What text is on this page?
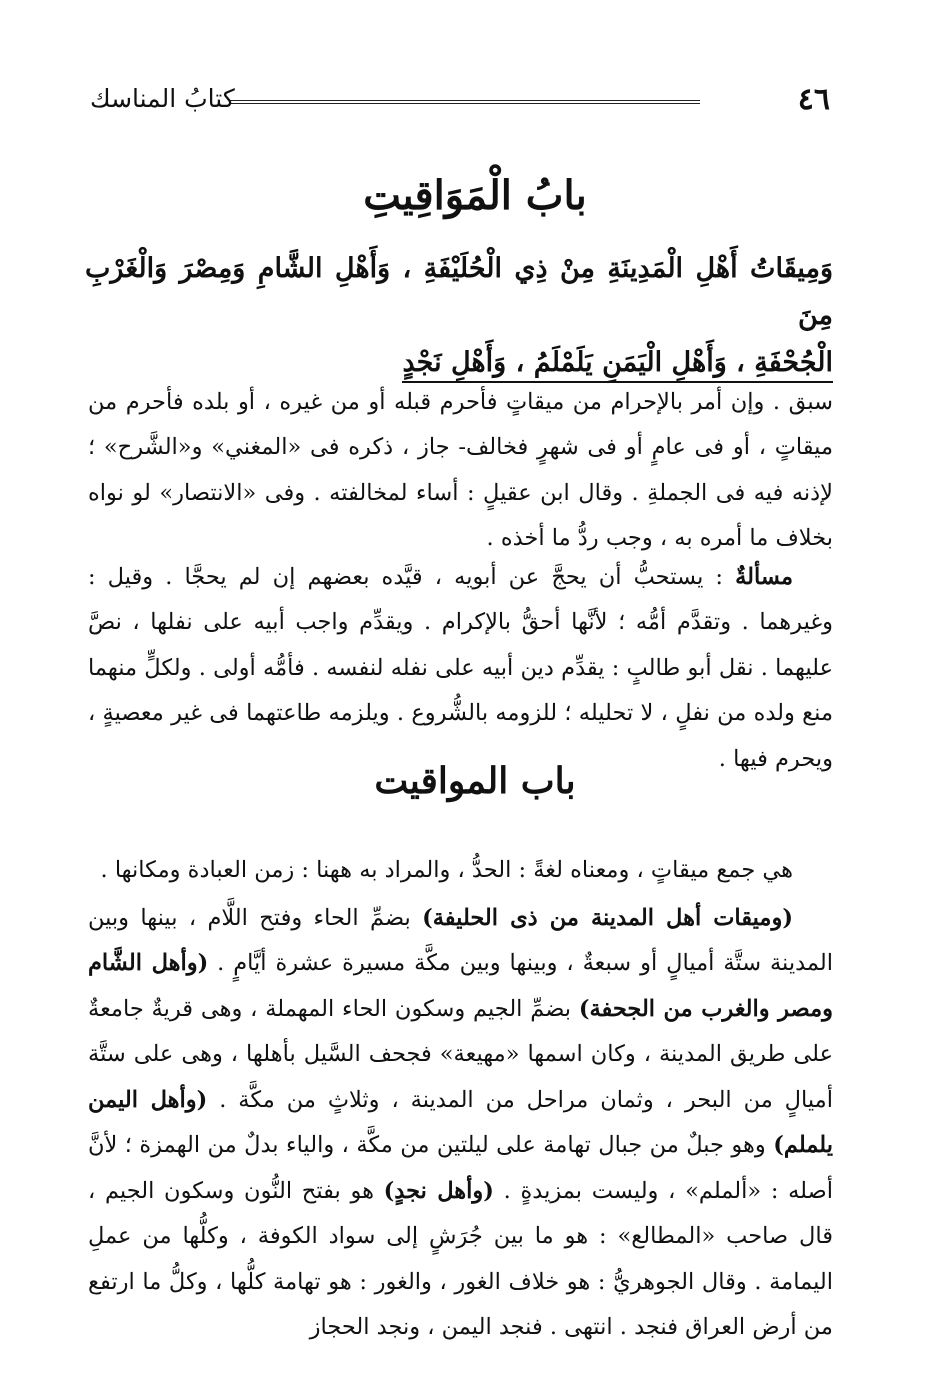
٤٦
كتابُ المناسك
بابُ الْمَوَاقِيتِ
وَمِيقَاتُ أَهْلِ الْمَدِينَةِ مِنْ ذِي الْحُلَيْفَةِ ، وَأَهْلِ الشَّامِ وَمِصْرَ وَالْغَرْبِ مِنَ
الْجُحْفَةِ ، وَأَهْلِ الْيَمَنِ يَلَمْلَمُ ، وَأَهْلِ نَجْدٍ

سبق . وإن أمر بالإحرام من ميقاتٍ فأحرم قبله أو من غيره ، أو بلده فأحرم من ميقاتٍ ، أو فى عامٍ أو فى شهرٍ فخالف- جاز ، ذكره فى «المغني» و«الشَّرح» ؛ لإذنه فيه فى الجملةِ . وقال ابن عقيلٍ : أساء لمخالفته . وفى «الانتصار» لو نواه بخلاف ما أمره به ، وجب ردُّ ما أخذه .

مسألةٌ : يستحبُّ أن يحجَّ عن أبويه ، قيَّده بعضهم إن لم يحجَّا . وقيل : وغيرهما . وتقدَّم أمُّه ؛ لأنَّها أحقُّ بالإكرام . ويقدِّم واجب أبيه على نفلها ، نصَّ عليهما . نقل أبو طالبٍ : يقدِّم دين أبيه على نفله لنفسه . فأمُّه أولى . ولكلٍّ منهما منع ولده من نفلٍ ، لا تحليله ؛ للزومه بالشُّروع . ويلزمه طاعتهما فى غير معصيةٍ ، ويحرم فيها .

باب المواقيت

هي جمع ميقاتٍ ، ومعناه لغةً : الحدُّ ، والمراد به ههنا : زمن العبادة ومكانها .

(وميقات أهل المدينة من ذى الحليفة) بضمِّ الحاء وفتح اللَّام ، بينها وبين المدينة ستَّة أميالٍ أو سبعةٌ ، وبينها وبين مكَّة مسيرة عشرة أيَّامٍ . (وأهل الشَّام ومصر والغرب من الجحفة) بضمِّ الجيم وسكون الحاء المهملة ، وهى قريةٌ جامعةٌ على طريق المدينة ، وكان اسمها «مهيعة» فجحف السَّيل بأهلها ، وهى على ستَّة أميالٍ من البحر ، وثمان مراحل من المدينة ، وثلاثٍ من مكَّة . (وأهل اليمن يلملم) وهو جبلٌ من جبال تهامة على ليلتين من مكَّة ، والياء بدلٌ من الهمزة ؛ لأنَّ أصله : «ألملم» ، وليست بمزيدةٍ . (وأهل نجدٍ) هو بفتح النُّون وسكون الجيم ، قال صاحب «المطالع» : هو ما بين جُرَشٍ إلى سواد الكوفة ، وكلُّها من عملِ اليمامة . وقال الجوهريُّ : هو خلاف الغور ، والغور : هو تهامة كلُّها ، وكلُّ ما ارتفع من أرض العراق فنجد . انتهى . فنجد اليمن ، ونجد الحجاز
